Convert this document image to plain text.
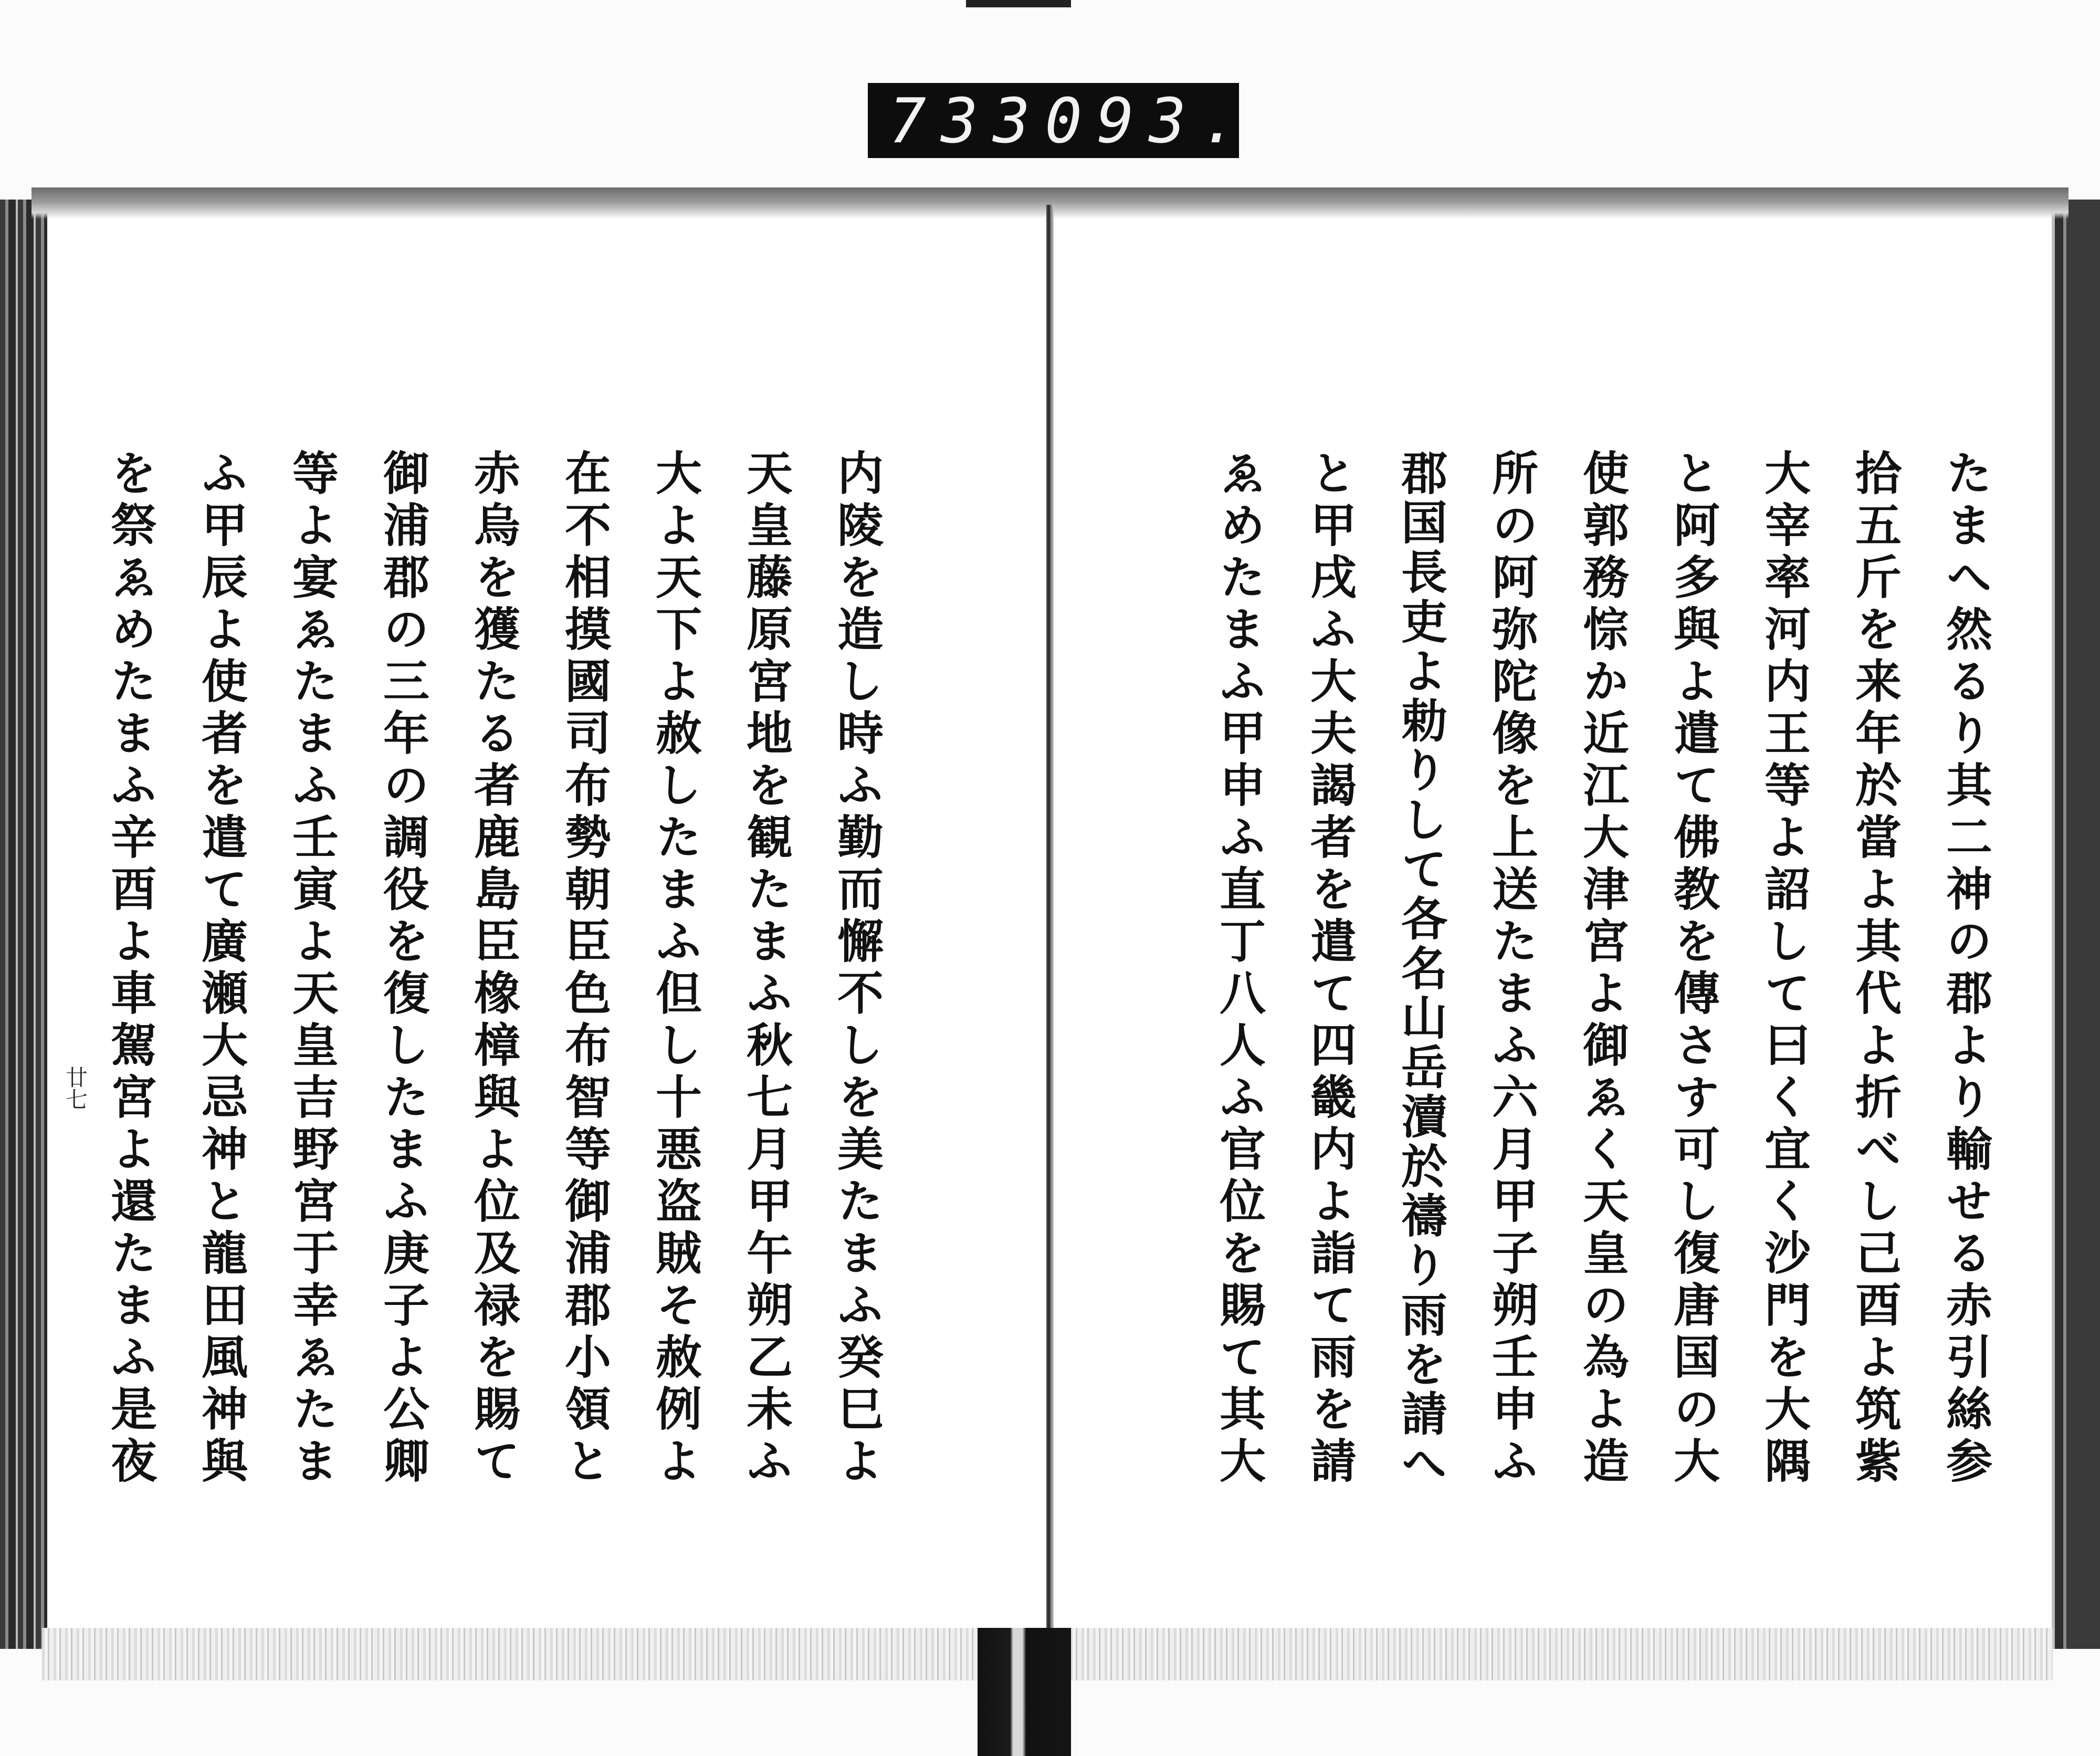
733 093.
たまへ然るり其二神の郡より輸せる赤引絲参
拾五斤を来年於當よ其代よ折べし己酉よ筑紫
大宰率河内王等よ詔して曰く宜く沙門を大隅
と阿多與よ遣て佛教を傳さす可し復唐国の大
使郭務悰か近江大津宮よ御ゑく天皇の為よ造
所の阿弥陀像を上送たまふ六月甲子朔壬申ふ
郡国長吏よ勅りして各名山岳瀆於禱り雨を請へ
と甲戌ふ大夫謁者を遣て四畿内よ詣て雨を請
ゑめたまふ甲申ふ直丁八人ふ官位を賜て其大
内陵を造し時ふ勤而懈不しを美たまふ癸巳よ
天皇藤原宮地を観たまふ秋七月甲午朔乙未ふ
大よ天下よ赦したまふ但し十悪盗賊そ赦例よ
在不相摸國司布勢朝臣色布智等御浦郡小領と
赤烏を獲たる者鹿島臣橡樟與よ位及禄を賜て
御浦郡の三年の調役を復したまふ庚子よ公卿
等よ宴ゑたまふ壬寅よ天皇吉野宮于幸ゑたま
ふ甲辰よ使者を遣て廣瀬大忌神と龍田風神與
を祭ゑめたまふ辛酉よ車駕宮よ還たまふ是夜
廿七
